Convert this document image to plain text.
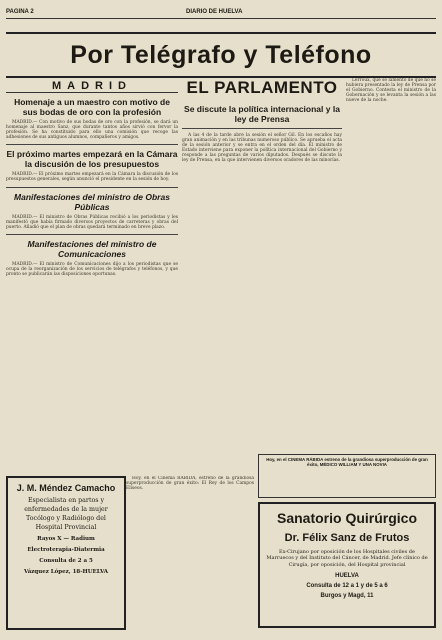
PAGINA 2	DIARIO DE HUELVA
Por Telégrafo y Teléfono
MADRID
Homenaje a un maestro con motivo de sus bodas de oro con la profesión

MADRID.— Con motivo de sus bodas de oro con la profesión, se dará un homenaje al maestro Sanz, que durante tantos años sirvió con fervor la profesión. Se ha constituido para ello una comisión que recoge las adhesiones de sus antiguos alumnos, compañeros y amigos.

El próximo martes empezará en la Cámara la discusión de los presupuestos

MADRID.— El próximo martes empezará en la Cámara la discusión de los presupuestos generales, según anunció el presidente en la sesión de hoy.

Manifestaciones del ministro de Obras Públicas

MADRID.— El ministro de Obras Públicas recibió a los periodistas y les manifestó que había firmado diversos proyectos de carreteras y obras del puerto. Añadió que el plan de obras quedará terminado en breve plazo.

Manifestaciones del ministro de Comunicaciones

MADRID.— El ministro de Comunicaciones dijo a los periodistas que se ocupa de la reorganización de los servicios de telégrafos y teléfonos, y que pronto se publicarán las disposiciones oportunas.

EL PARLAMENTO
Se discute la política internacional y la ley de Prensa

A las 4 de la tarde abre la sesión el señor Gil. En los escaños hay gran animación y en las tribunas numeroso público. Se aprueba el acta de la sesión anterior y se entra en el orden del día. El ministro de Estado interviene para exponer la política internacional del Gobierno y responde a las preguntas de varios diputados. Después se discute la ley de Prensa, en la que intervienen diversos oradores de las minorías.

Lerroux, que se lamentó de que no se hubiera presentado la ley de Prensa por el Gobierno. Contesta el ministro de la Gobernación y se levanta la sesión a las nueve de la noche.

J. M. Méndez Camacho
Especialista en partos y enfermedades de la mujer Tocólogo y Radiólogo del Hospital Provincial
Rayos X — Radium
Electroterapia-Diatermia
Consulta de 2 a 5
Vázquez López, 18-HUELVA

Hoy, en el Cinema RÁBIDA, estreno de la grandiosa superproducción de gran éxito: El Rey de los Campos Elíseos.

Hoy, en el CINEMA RÁBIDA estreno de la grandiosa superproducción de gran éxito, MÉDICO WILLIAM Y UNA NOVIA
Sanatorio Quirúrgico
Dr. Félix Sanz de Frutos
Ex-Cirujano por oposición de los Hospitales civiles de Marruecos y del Instituto del Cáncer, de Madrid. Jefe clínico de Cirugía, por oposición, del Hospital provincial
HUELVA
Consulta de 12 a 1 y de 5 a 6
Burgos y Magd, 11
